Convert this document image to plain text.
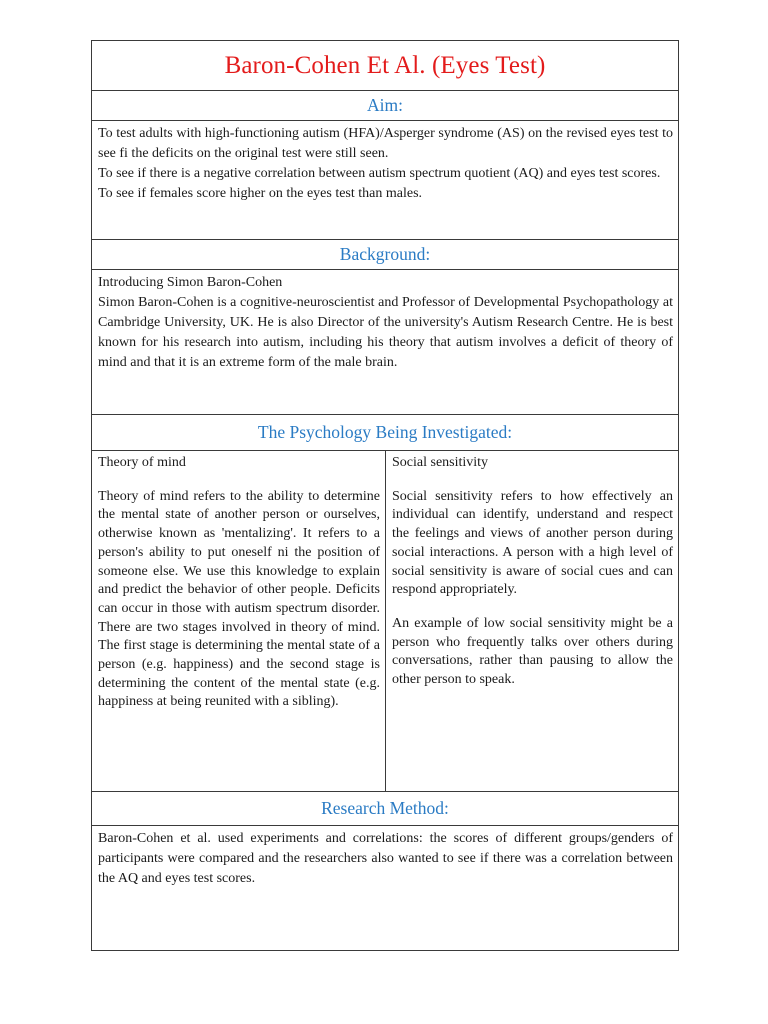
Baron-Cohen Et Al. (Eyes Test)
Aim:

To test adults with high-functioning autism (HFA)/Asperger syndrome (AS) on the revised eyes test to see fi the deficits on the original test were still seen.

To see if there is a negative correlation between autism spectrum quotient (AQ) and eyes test scores.

To see if females score higher on the eyes test than males.

Background:

Introducing Simon Baron-Cohen

Simon Baron-Cohen is a cognitive-neuroscientist and Professor of Developmental Psychopathology at Cambridge University, UK. He is also Director of the university's Autism Research Centre. He is best known for his research into autism, including his theory that autism involves a deficit of theory of mind and that it is an extreme form of the male brain.

The Psychology Being Investigated:

Theory of mind

Theory of mind refers to the ability to determine the mental state of another person or ourselves, otherwise known as 'mentalizing'. It refers to a person's ability to put oneself ni the position of someone else. We use this knowledge to explain and predict the behavior of other people. Deficits can occur in those with autism spectrum disorder. There are two stages involved in theory of mind. The first stage is determining the mental state of a person (e.g. happiness) and the second stage is determining the content of the mental state (e.g. happiness at being reunited with a sibling).

Social sensitivity

Social sensitivity refers to how effectively an individual can identify, understand and respect the feelings and views of another person during social interactions. A person with a high level of social sensitivity is aware of social cues and can respond appropriately.

An example of low social sensitivity might be a person who frequently talks over others during conversations, rather than pausing to allow the other person to speak.

Research Method:

Baron-Cohen et al. used experiments and correlations: the scores of different groups/genders of participants were compared and the researchers also wanted to see if there was a correlation between the AQ and eyes test scores.
